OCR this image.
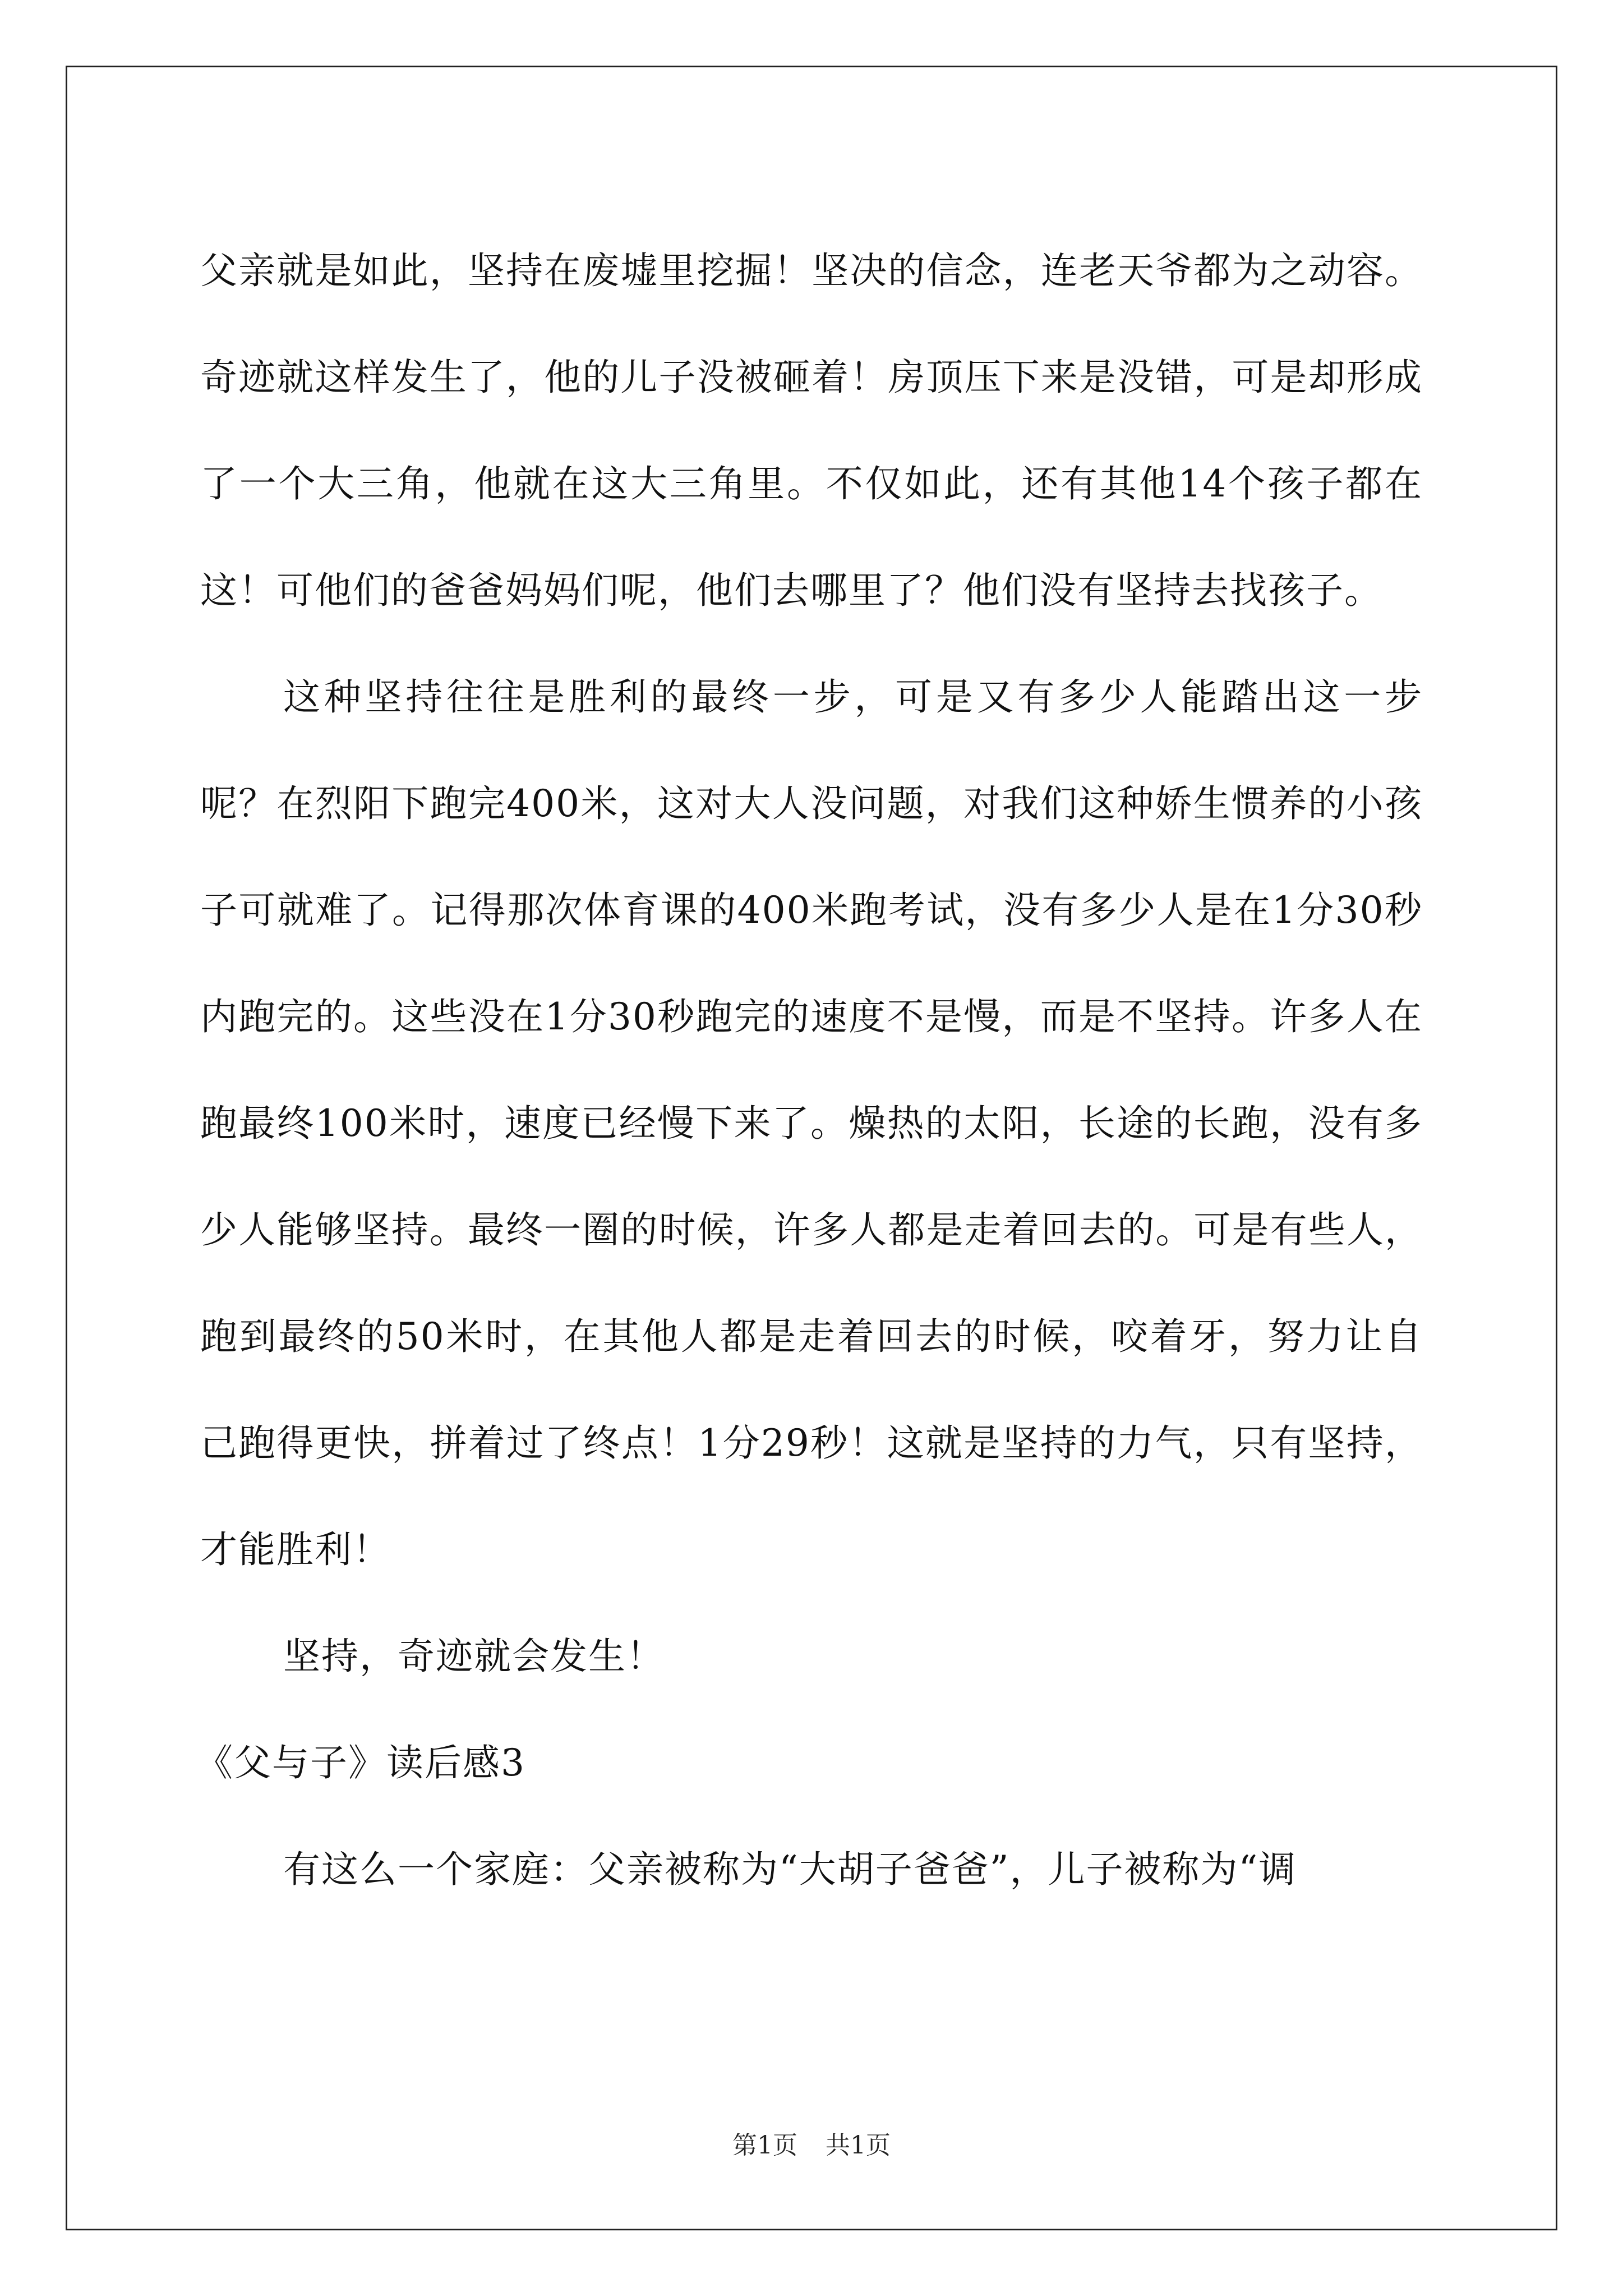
父亲就是如此，坚持在废墟里挖掘！坚决的信念，连老天爷都为之动容。奇迹就这样发生了，他的儿子没被砸着！房顶压下来是没错，可是却形成了一个大三角，他就在这大三角里。不仅如此，还有其他14个孩子都在这！可他们的爸爸妈妈们呢，他们去哪里了？他们没有坚持去找孩子。

这种坚持往往是胜利的最终一步，可是又有多少人能踏出这一步呢？在烈阳下跑完400米，这对大人没问题，对我们这种娇生惯养的小孩子可就难了。记得那次体育课的400米跑考试，没有多少人是在1分30秒内跑完的。这些没在1分30秒跑完的速度不是慢，而是不坚持。许多人在跑最终100米时，速度已经慢下来了。燥热的太阳，长途的长跑，没有多少人能够坚持。最终一圈的时候，许多人都是走着回去的。可是有些人，跑到最终的50米时，在其他人都是走着回去的时候，咬着牙，努力让自己跑得更快，拼着过了终点！1分29秒！这就是坚持的力气，只有坚持，才能胜利！

坚持，奇迹就会发生！

《父与子》读后感3

有这么一个家庭：父亲被称为“大胡子爸爸”，儿子被称为“调

第1页 共1页
